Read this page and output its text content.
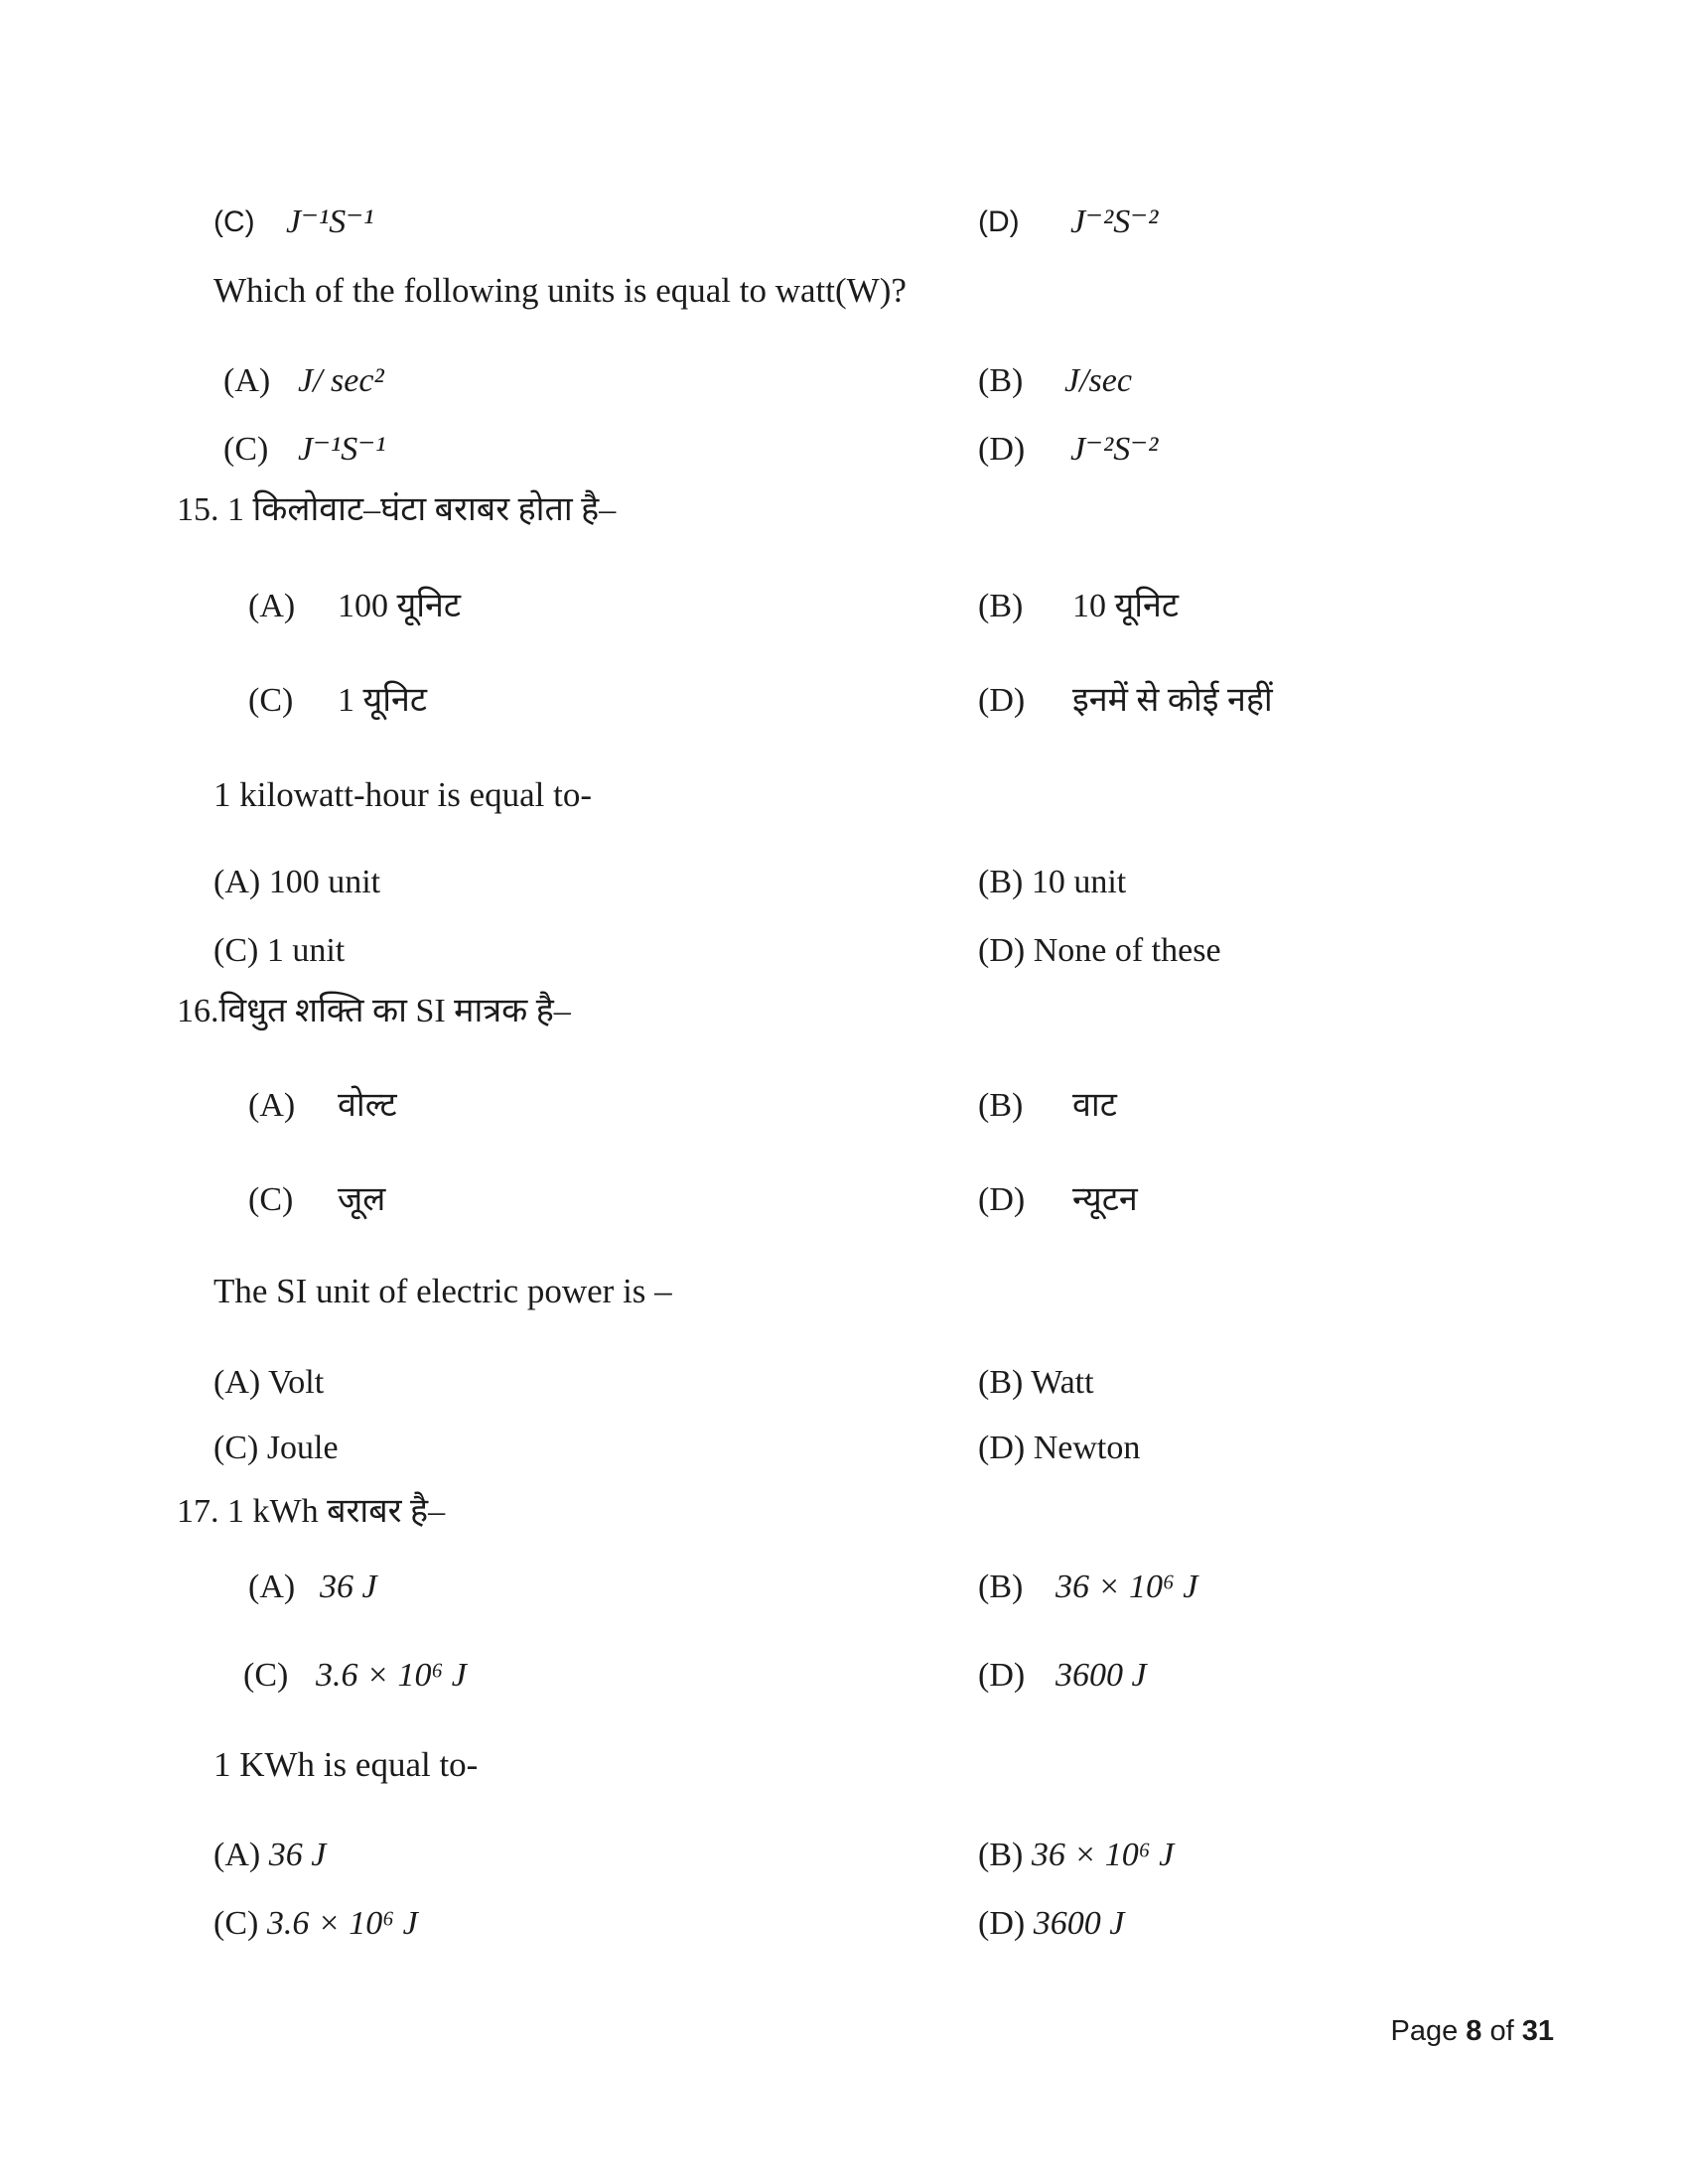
(C) J⁻¹S⁻¹	(D) J⁻²S⁻²
Which of the following units is equal to watt(W)?
(A) J/ sec²	(B) J/sec
(C) J⁻¹S⁻¹	(D) J⁻²S⁻²
15. 1 किलोवाट–घंटा बराबर होता है–
(A) 100 यूनिट	(B) 10 यूनिट
(C) 1 यूनिट	(D) इनमें से कोई नहीं
1 kilowatt-hour is equal to-
(A) 100 unit	(B) 10 unit
(C) 1 unit	(D) None of these
16.विधुत शक्ति का SI मात्रक है–
(A) वोल्ट	(B) वाट
(C) जूल	(D) न्यूटन
The SI unit of electric power is –
(A) Volt	(B) Watt
(C) Joule	(D) Newton
17. 1 kWh बराबर है–
(A) 36 J	(B) 36 × 10⁶ J
(C) 3.6 × 10⁶ J	(D) 3600 J
1 KWh is equal to-
(A) 36 J	(B) 36 × 10⁶ J
(C) 3.6 × 10⁶ J	(D) 3600 J
Page 8 of 31
